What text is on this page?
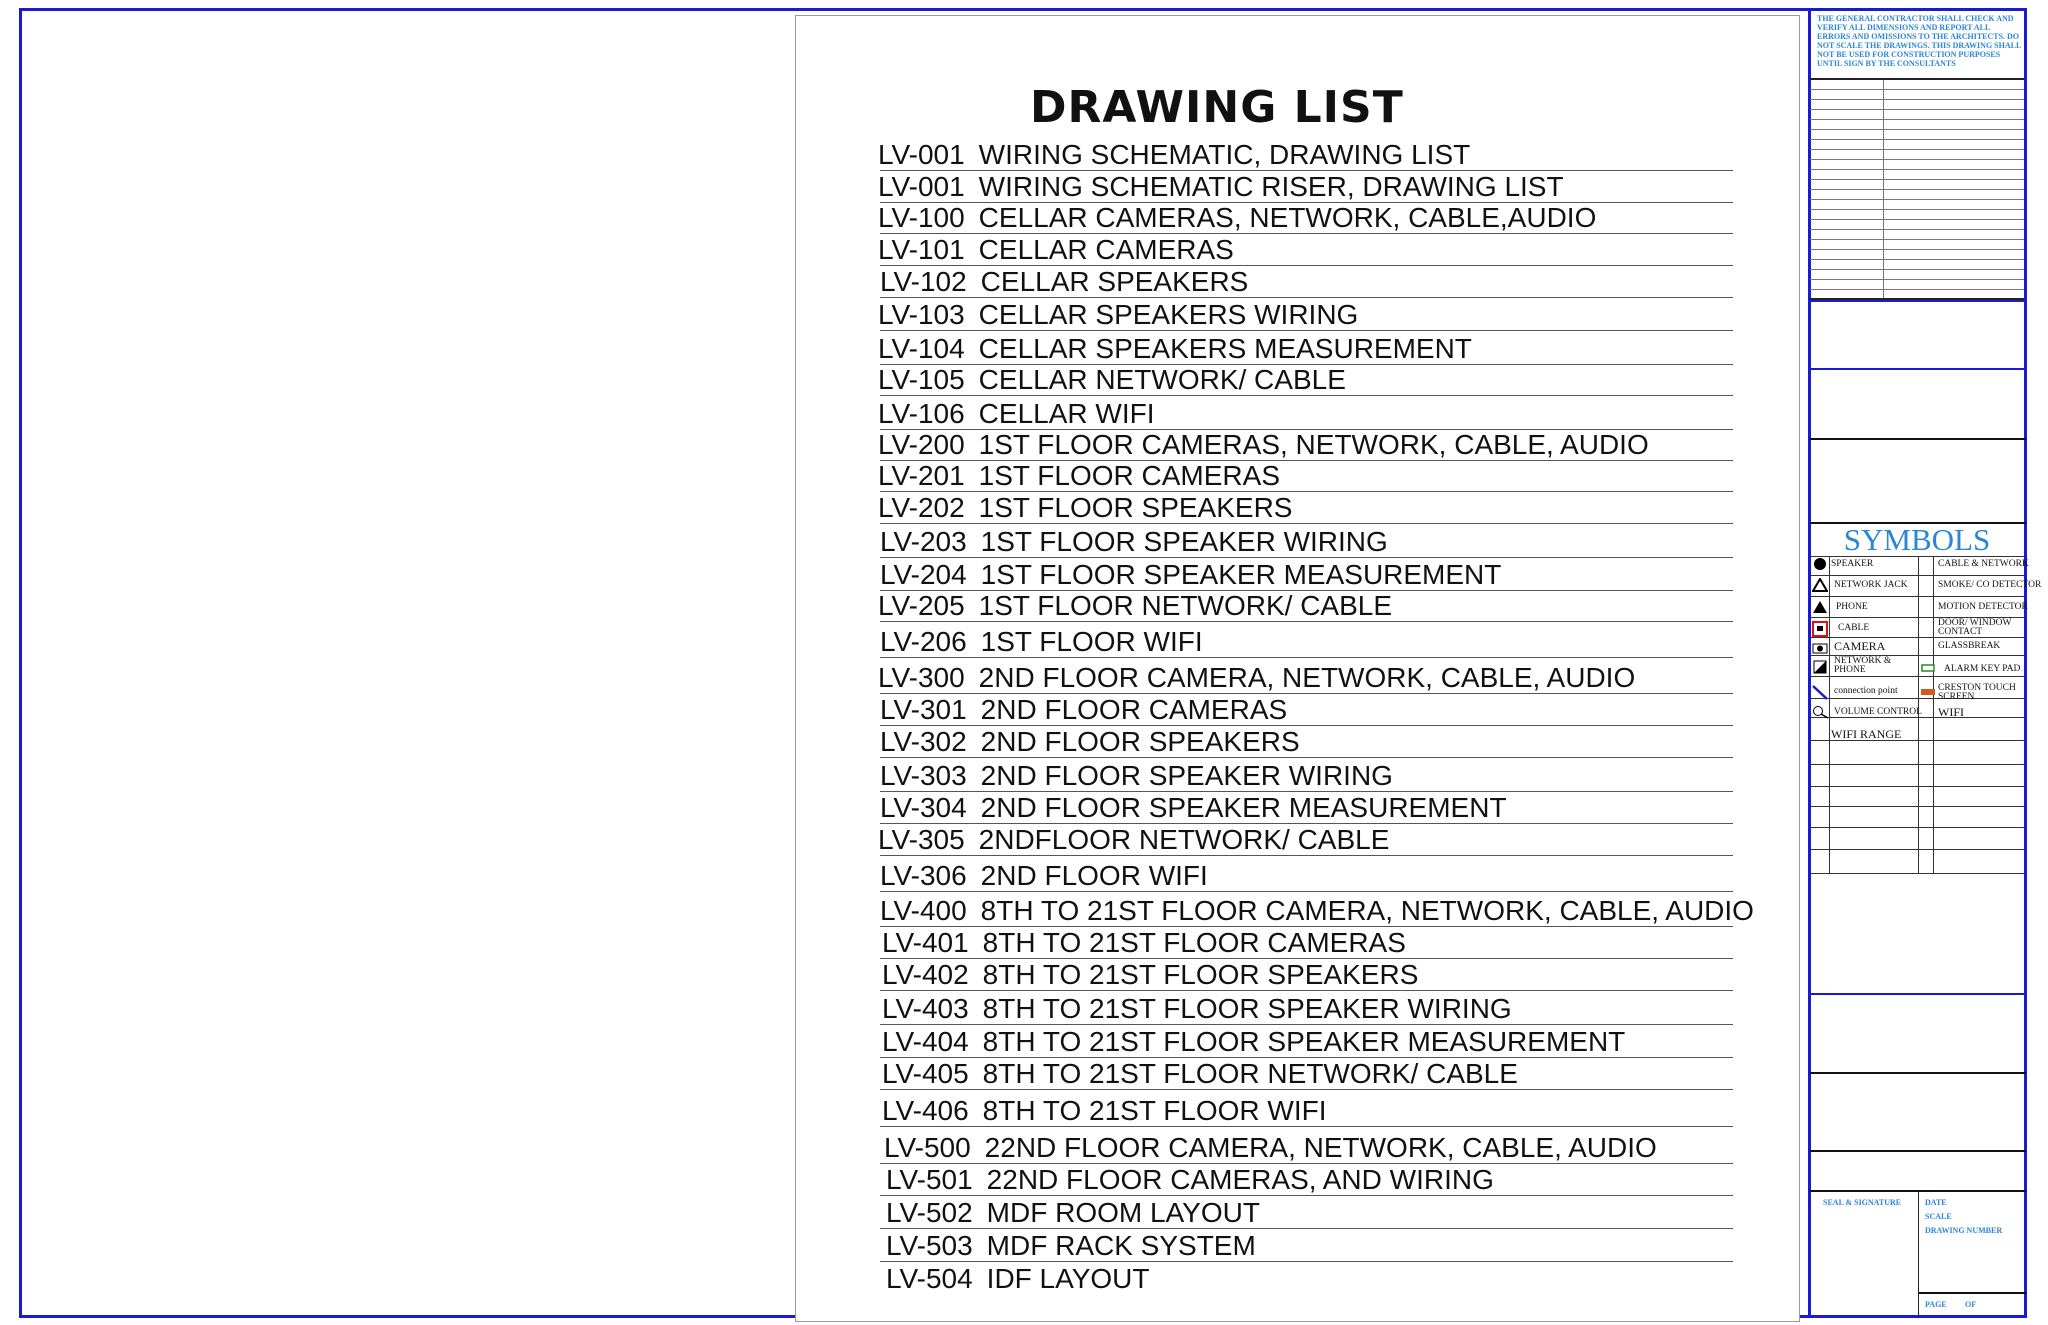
DRAWING LIST
LV-001 WIRING SCHEMATIC, DRAWING LIST
LV-001 WIRING SCHEMATIC RISER, DRAWING LIST
LV-100 CELLAR CAMERAS, NETWORK, CABLE,AUDIO
LV-101 CELLAR CAMERAS
LV-102 CELLAR SPEAKERS
LV-103 CELLAR SPEAKERS WIRING
LV-104 CELLAR SPEAKERS MEASUREMENT
LV-105 CELLAR NETWORK/ CABLE
LV-106 CELLAR WIFI
LV-200 1ST FLOOR CAMERAS, NETWORK, CABLE, AUDIO
LV-201 1ST FLOOR CAMERAS
LV-202 1ST FLOOR SPEAKERS
LV-203 1ST FLOOR SPEAKER WIRING
LV-204 1ST FLOOR SPEAKER MEASUREMENT
LV-205 1ST FLOOR NETWORK/ CABLE
LV-206 1ST FLOOR WIFI
LV-300 2ND FLOOR CAMERA, NETWORK, CABLE, AUDIO
LV-301 2ND FLOOR CAMERAS
LV-302 2ND FLOOR SPEAKERS
LV-303 2ND FLOOR SPEAKER WIRING
LV-304 2ND FLOOR SPEAKER MEASUREMENT
LV-305 2NDFLOOR NETWORK/ CABLE
LV-306 2ND FLOOR WIFI
LV-400 8TH TO 21ST FLOOR CAMERA, NETWORK, CABLE, AUDIO
LV-401 8TH TO 21ST FLOOR CAMERAS
LV-402 8TH TO 21ST FLOOR SPEAKERS
LV-403 8TH TO 21ST FLOOR SPEAKER WIRING
LV-404 8TH TO 21ST FLOOR SPEAKER MEASUREMENT
LV-405 8TH TO 21ST FLOOR NETWORK/ CABLE
LV-406 8TH TO 21ST FLOOR WIFI
LV-500 22ND FLOOR CAMERA, NETWORK, CABLE, AUDIO
LV-501 22ND FLOOR CAMERAS, AND WIRING
LV-502 MDF ROOM LAYOUT
LV-503 MDF RACK SYSTEM
LV-504 IDF LAYOUT
THE GENERAL CONTRACTOR SHALL CHECK AND VERIFY ALL DIMENSIONS AND REPORT ALL ERRORS AND OMISSIONS TO THE ARCHITECTS. DO NOT SCALE THE DRAWINGS. THIS DRAWING SHALL NOT BE USED FOR CONSTRUCTION PURPOSES UNTIL SIGN BY THE CONSULTANTS
SYMBOLS
SPEAKER
NETWORK JACK
PHONE
CABLE
CAMERA
NETWORK & PHONE
connection point
VOLUME CONTROL
WIFI RANGE
CABLE & NETWORK
SMOKE/ CO DETECTOR
MOTION DETECTOR
DOOR/ WINDOW CONTACT
GLASSBREAK
ALARM KEY PAD
CRESTON TOUCH SCREEN
WIFI
SEAL & SIGNATURE	DATE
SCALE
DRAWING NUMBER
PAGE OF
